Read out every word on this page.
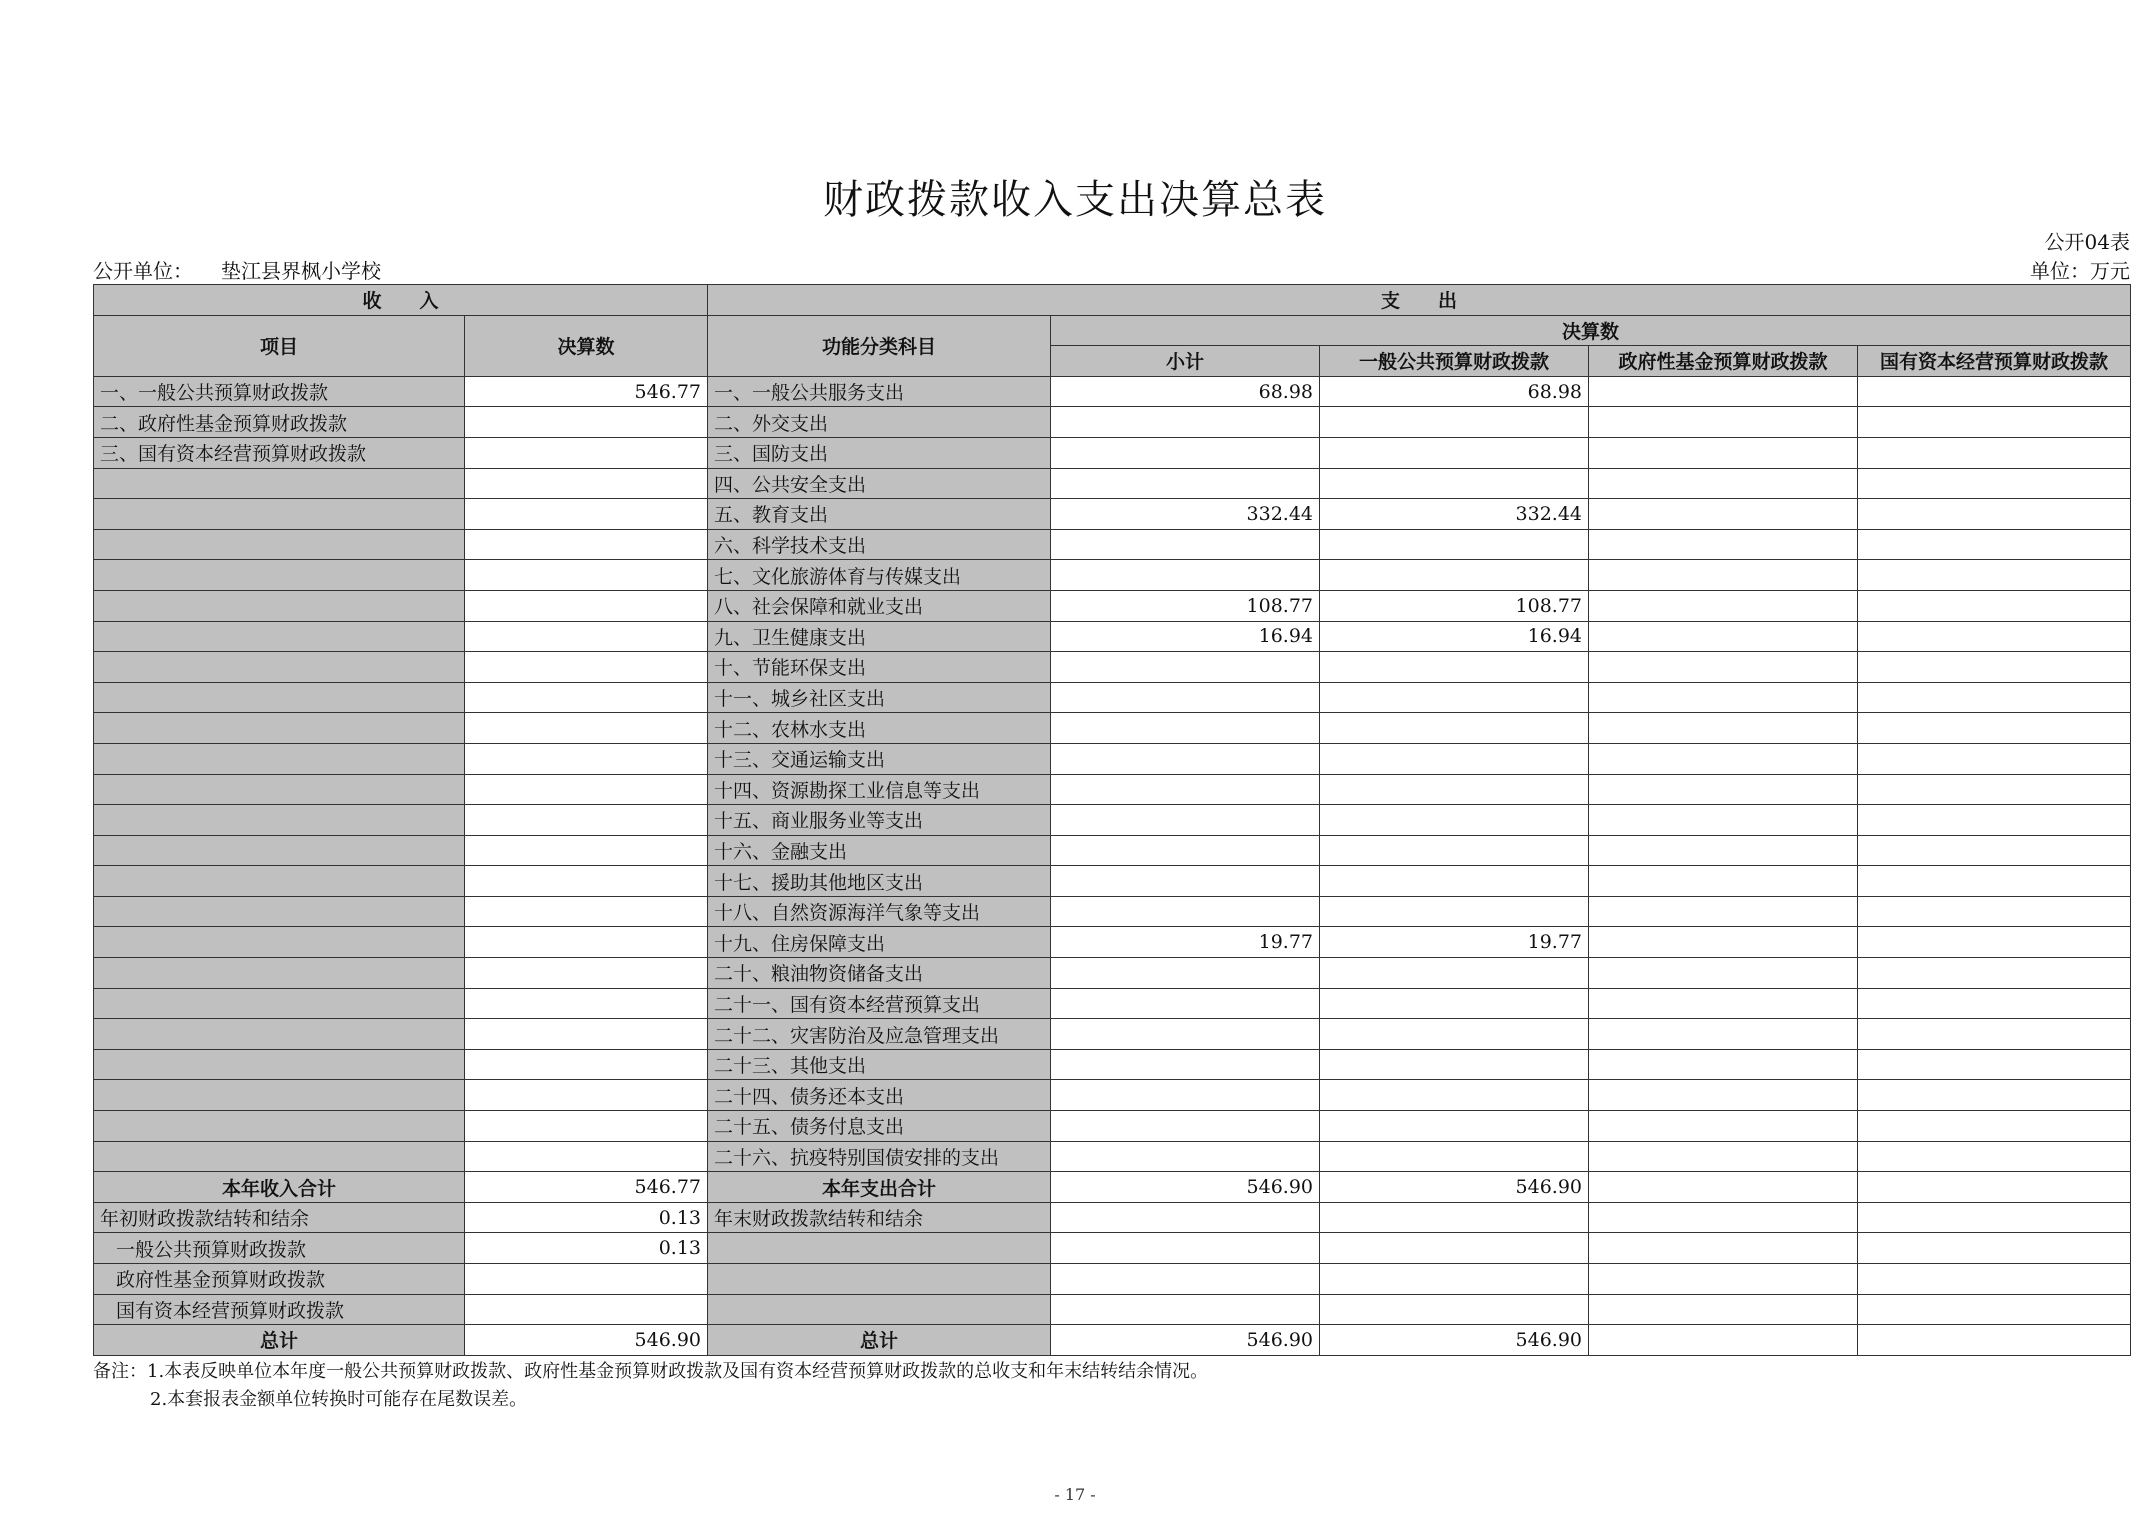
财政拨款收入支出决算总表
公开04表
公开单位： 垫江县界枫小学校	单位：万元
收　　入		支　　出				
项目	决算数	功能分类科目	决算数			
			小计	一般公共预算财政拨款	政府性基金预算财政拨款	国有资本经营预算财政拨款
一、一般公共预算财政拨款	546.77	一、一般公共服务支出	68.98	68.98		
二、政府性基金预算财政拨款		二、外交支出				
三、国有资本经营预算财政拨款		三、国防支出				
		四、公共安全支出				
		五、教育支出	332.44	332.44		
		六、科学技术支出				
		七、文化旅游体育与传媒支出				
		八、社会保障和就业支出	108.77	108.77		
		九、卫生健康支出	16.94	16.94		
		十、节能环保支出				
		十一、城乡社区支出				
		十二、农林水支出				
		十三、交通运输支出				
		十四、资源勘探工业信息等支出				
		十五、商业服务业等支出				
		十六、金融支出				
		十七、援助其他地区支出				
		十八、自然资源海洋气象等支出				
		十九、住房保障支出	19.77	19.77		
		二十、粮油物资储备支出				
		二十一、国有资本经营预算支出				
		二十二、灾害防治及应急管理支出				
		二十三、其他支出				
		二十四、债务还本支出				
		二十五、债务付息支出				
		二十六、抗疫特别国债安排的支出				
本年收入合计	546.77	本年支出合计	546.90	546.90		
年初财政拨款结转和结余	0.13	年末财政拨款结转和结余				
一般公共预算财政拨款	0.13					
政府性基金预算财政拨款						
国有资本经营预算财政拨款						
总计	546.90	总计	546.90	546.90		
备注：1.本表反映单位本年度一般公共预算财政拨款、政府性基金预算财政拨款及国有资本经营预算财政拨款的总收支和年末结转结余情况。
2.本套报表金额单位转换时可能存在尾数误差。
- 17 -
